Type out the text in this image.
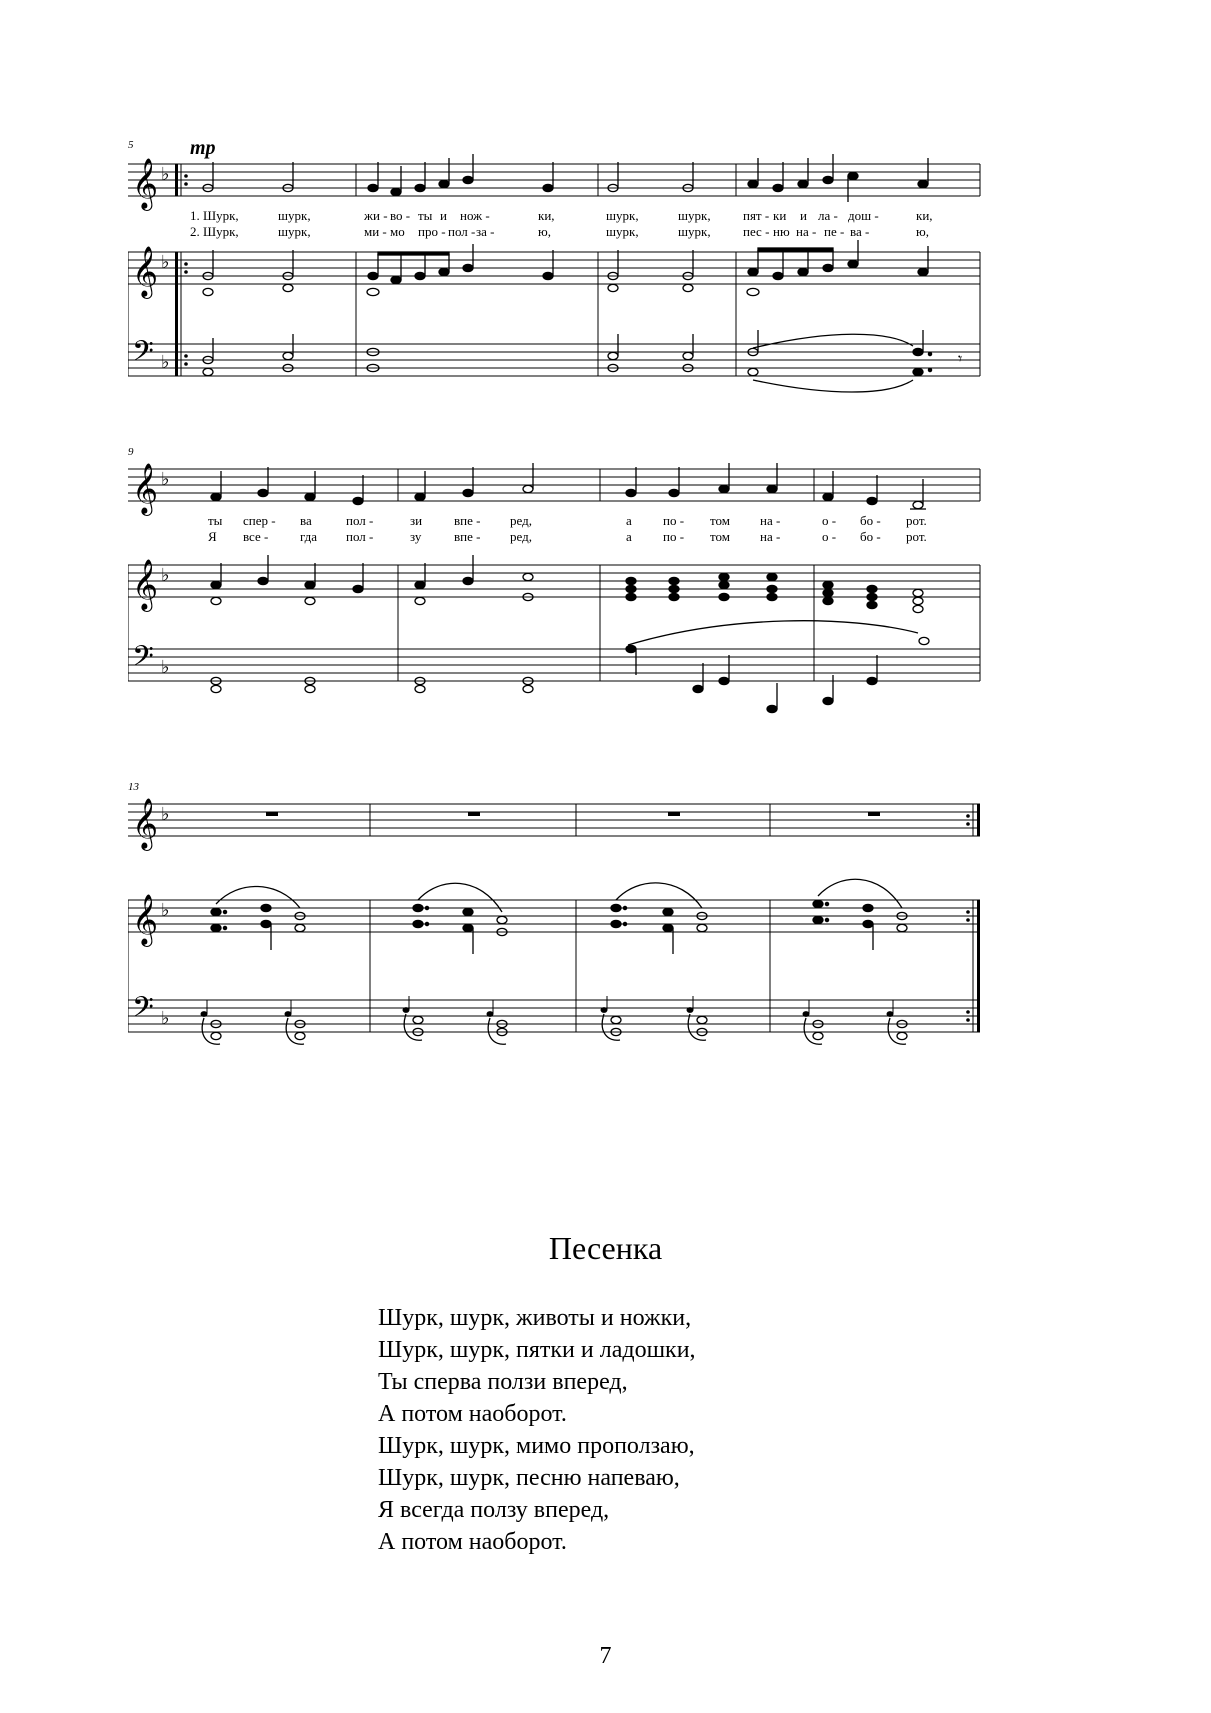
5	mp
𝄞
𝄞
𝄢
♭
♭
♭
1. Шурк,	шурк,	жи - во - ты и нож -	ки,	шурк,	шурк, пят - ки и ла - дош -	ки,
2. Шурк,	шурк,	ми - мо про - пол - за -	ю,	шурк,	шурк, пес - ню на - пе - ва -	ю,
𝄾
9
𝄞
𝄞
𝄢
♭
♭
♭
ты спер - ва	пол -	зи впе - ред,	а по - том на -	о - бо - рот.
Я все - гда пол -	зу	впе - ред,	а по - том на -	о - бо - рот.
13
𝄞
𝄞
𝄢
♭
♭
♭
Песенка
Шурк, шурк, животы и ножки,
Шурк, шурк, пятки и ладошки,
Ты сперва ползи вперед,
А потом наоборот.
Шурк, шурк, мимо проползаю,
Шурк, шурк, песню напеваю,
Я всегда ползу вперед,
А потом наоборот.
7
